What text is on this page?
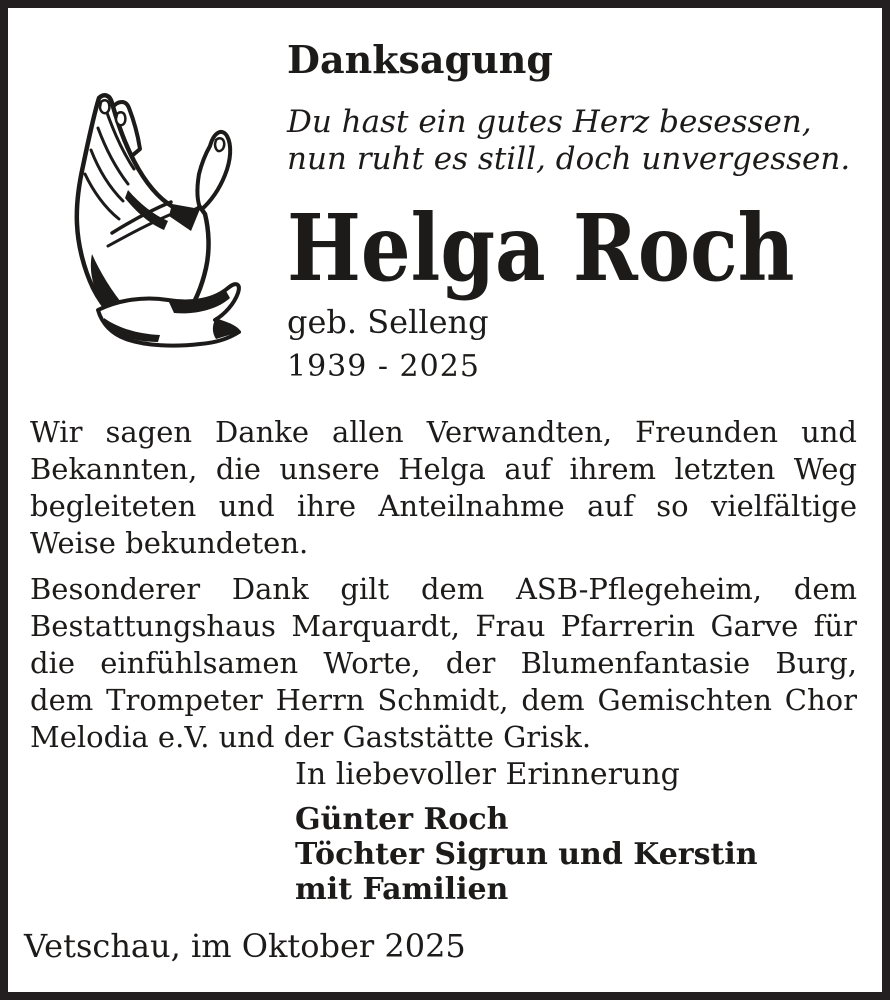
Danksagung
Du hast ein gutes Herz besessen,
nun ruht es still, doch unvergessen.
Helga Roch
geb. Selleng
1939 - 2025
Wir sagen Danke allen Verwandten, Freunden und
Bekannten, die unsere Helga auf ihrem letzten Weg
begleiteten und ihre Anteilnahme auf so vielfältige
Weise bekundeten.
Besonderer Dank gilt dem ASB-Pflegeheim, dem
Bestattungshaus Marquardt, Frau Pfarrerin Garve für
die einfühlsamen Worte, der Blumenfantasie Burg,
dem Trompeter Herrn Schmidt, dem Gemischten Chor
Melodia e.V. und der Gaststätte Grisk.
In liebevoller Erinnerung
Günter Roch
Töchter Sigrun und Kerstin
mit Familien
Vetschau, im Oktober 2025
